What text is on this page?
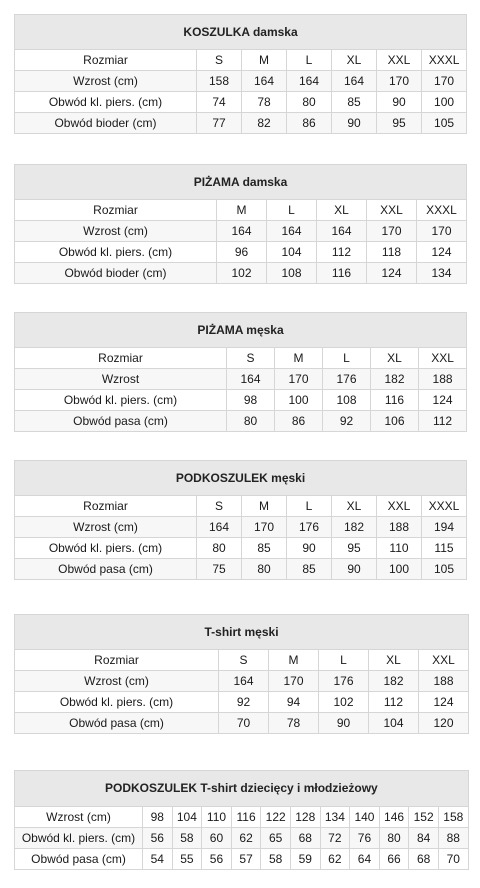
KOSZULKA damska						
Rozmiar	S	M	L	XL	XXL	XXXL
Wzrost (cm)	158	164	164	164	170	170
Obwód kl. piers. (cm)	74	78	80	85	90	100
Obwód bioder (cm)	77	82	86	90	95	105
PIŻAMA damska					
Rozmiar	M	L	XL	XXL	XXXL
Wzrost (cm)	164	164	164	170	170
Obwód kl. piers. (cm)	96	104	112	118	124
Obwód bioder (cm)	102	108	116	124	134
PIŻAMA męska					
Rozmiar	S	M	L	XL	XXL
Wzrost	164	170	176	182	188
Obwód kl. piers. (cm)	98	100	108	116	124
Obwód pasa (cm)	80	86	92	106	112
PODKOSZULEK męski						
Rozmiar	S	M	L	XL	XXL	XXXL
Wzrost (cm)	164	170	176	182	188	194
Obwód kl. piers. (cm)	80	85	90	95	110	115
Obwód pasa (cm)	75	80	85	90	100	105
T-shirt męski					
Rozmiar	S	M	L	XL	XXL
Wzrost (cm)	164	170	176	182	188
Obwód kl. piers. (cm)	92	94	102	112	124
Obwód pasa (cm)	70	78	90	104	120
PODKOSZULEK T-shirt dziecięcy i młodzieżowy											
Wzrost (cm)	98	104	110	116	122	128	134	140	146	152	158
Obwód kl. piers. (cm)	56	58	60	62	65	68	72	76	80	84	88
Obwód pasa (cm)	54	55	56	57	58	59	62	64	66	68	70
